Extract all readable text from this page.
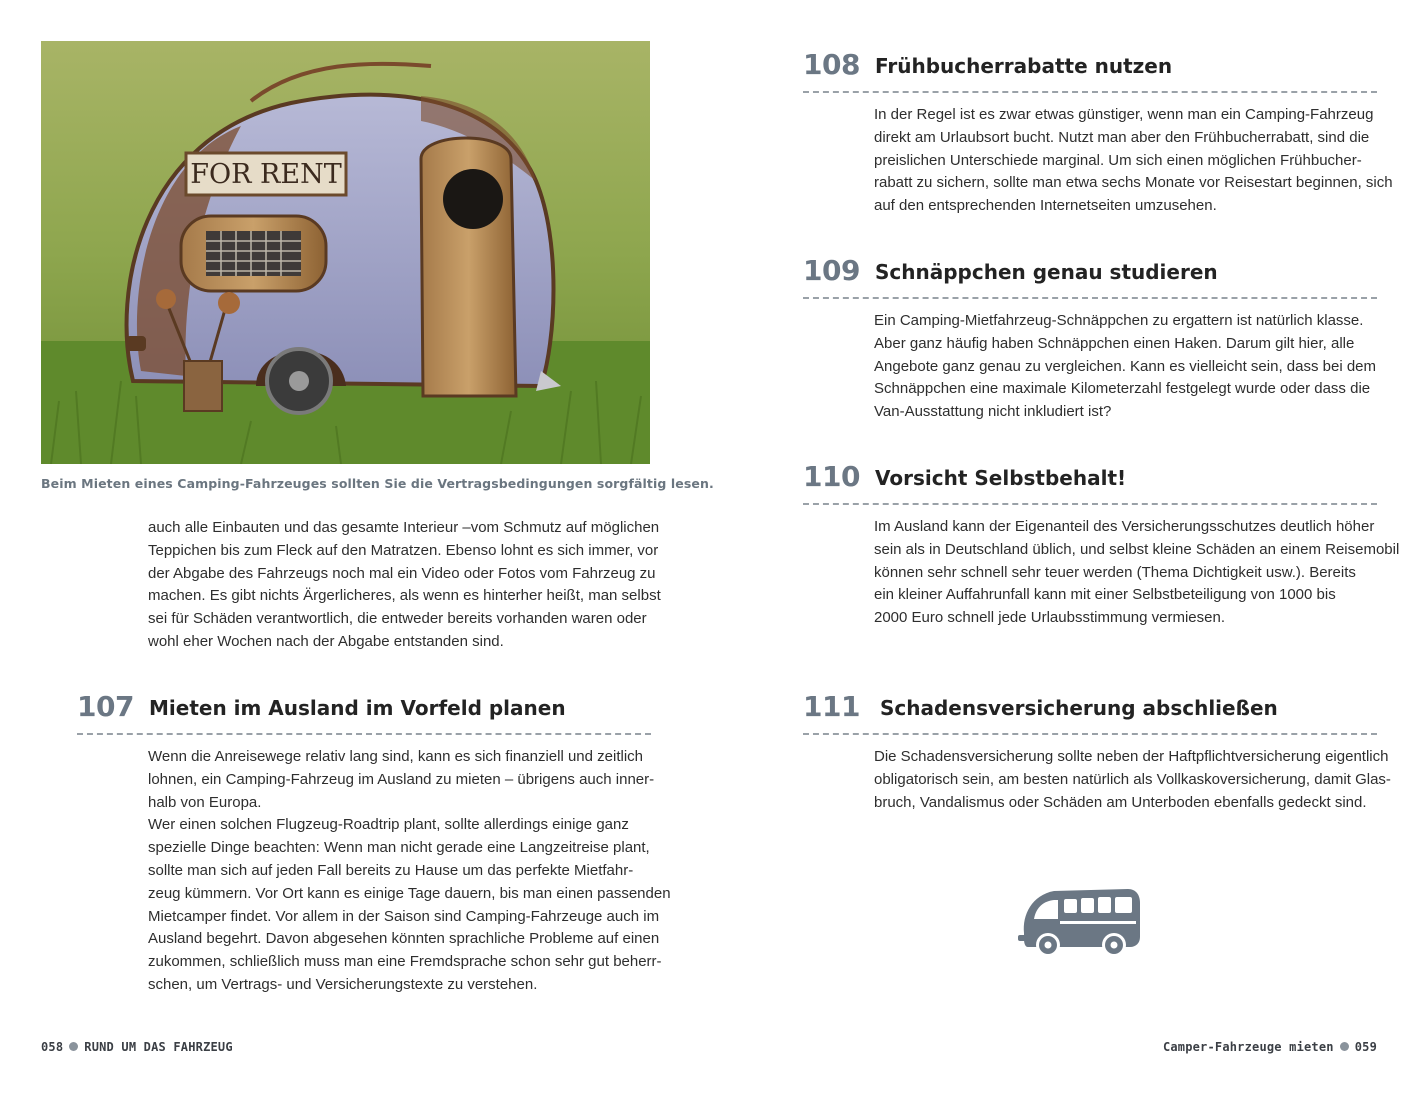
FOR RENT
Beim Mieten eines Camping-Fahrzeuges sollten Sie die Vertragsbedingungen sorgfältig lesen.
auch alle Einbauten und das gesamte Interieur –vom Schmutz auf möglichen
Teppichen bis zum Fleck auf den Matratzen. Ebenso lohnt es sich immer, vor
der Abgabe des Fahrzeugs noch mal ein Video oder Fotos vom Fahrzeug zu
machen. Es gibt nichts Ärgerlicheres, als wenn es hinterher heißt, man selbst
sei für Schäden verantwortlich, die entweder bereits vorhanden waren oder
wohl eher Wochen nach der Abgabe entstanden sind.
107 Mieten im Ausland im Vorfeld planen
Wenn die Anreisewege relativ lang sind, kann es sich finanziell und zeitlich
lohnen, ein Camping-Fahrzeug im Ausland zu mieten – übrigens auch inner-
halb von Europa.
Wer einen solchen Flugzeug-Roadtrip plant, sollte allerdings einige ganz
spezielle Dinge beachten: Wenn man nicht gerade eine Langzeitreise plant,
sollte man sich auf jeden Fall bereits zu Hause um das perfekte Mietfahr-
zeug kümmern. Vor Ort kann es einige Tage dauern, bis man einen passenden
Mietcamper findet. Vor allem in der Saison sind Camping-Fahrzeuge auch im
Ausland begehrt. Davon abgesehen könnten sprachliche Probleme auf einen
zukommen, schließlich muss man eine Fremdsprache schon sehr gut beherr-
schen, um Vertrags- und Versicherungstexte zu verstehen.
058 RUND UM DAS FAHRZEUG
108 Frühbucherrabatte nutzen
In der Regel ist es zwar etwas günstiger, wenn man ein Camping-Fahrzeug
direkt am Urlaubsort bucht. Nutzt man aber den Frühbucherrabatt, sind die
preislichen Unterschiede marginal. Um sich einen möglichen Frühbucher-
rabatt zu sichern, sollte man etwa sechs Monate vor Reisestart beginnen, sich
auf den entsprechenden Internetseiten umzusehen.
109 Schnäppchen genau studieren
Ein Camping-Mietfahrzeug-Schnäppchen zu ergattern ist natürlich klasse.
Aber ganz häufig haben Schnäppchen einen Haken. Darum gilt hier, alle
Angebote ganz genau zu vergleichen. Kann es vielleicht sein, dass bei dem
Schnäppchen eine maximale Kilometerzahl festgelegt wurde oder dass die
Van-Ausstattung nicht inkludiert ist?
110 Vorsicht Selbstbehalt!
Im Ausland kann der Eigenanteil des Versicherungsschutzes deutlich höher
sein als in Deutschland üblich, und selbst kleine Schäden an einem Reisemobil
können sehr schnell sehr teuer werden (Thema Dichtigkeit usw.). Bereits
ein kleiner Auffahrunfall kann mit einer Selbstbeteiligung von 1000 bis
2000 Euro schnell jede Urlaubsstimmung vermiesen.
111 Schadensversicherung abschließen
Die Schadensversicherung sollte neben der Haftpflichtversicherung eigentlich
obligatorisch sein, am besten natürlich als Vollkaskoversicherung, damit Glas-
bruch, Vandalismus oder Schäden am Unterboden ebenfalls gedeckt sind.
Camper-Fahrzeuge mieten 059
